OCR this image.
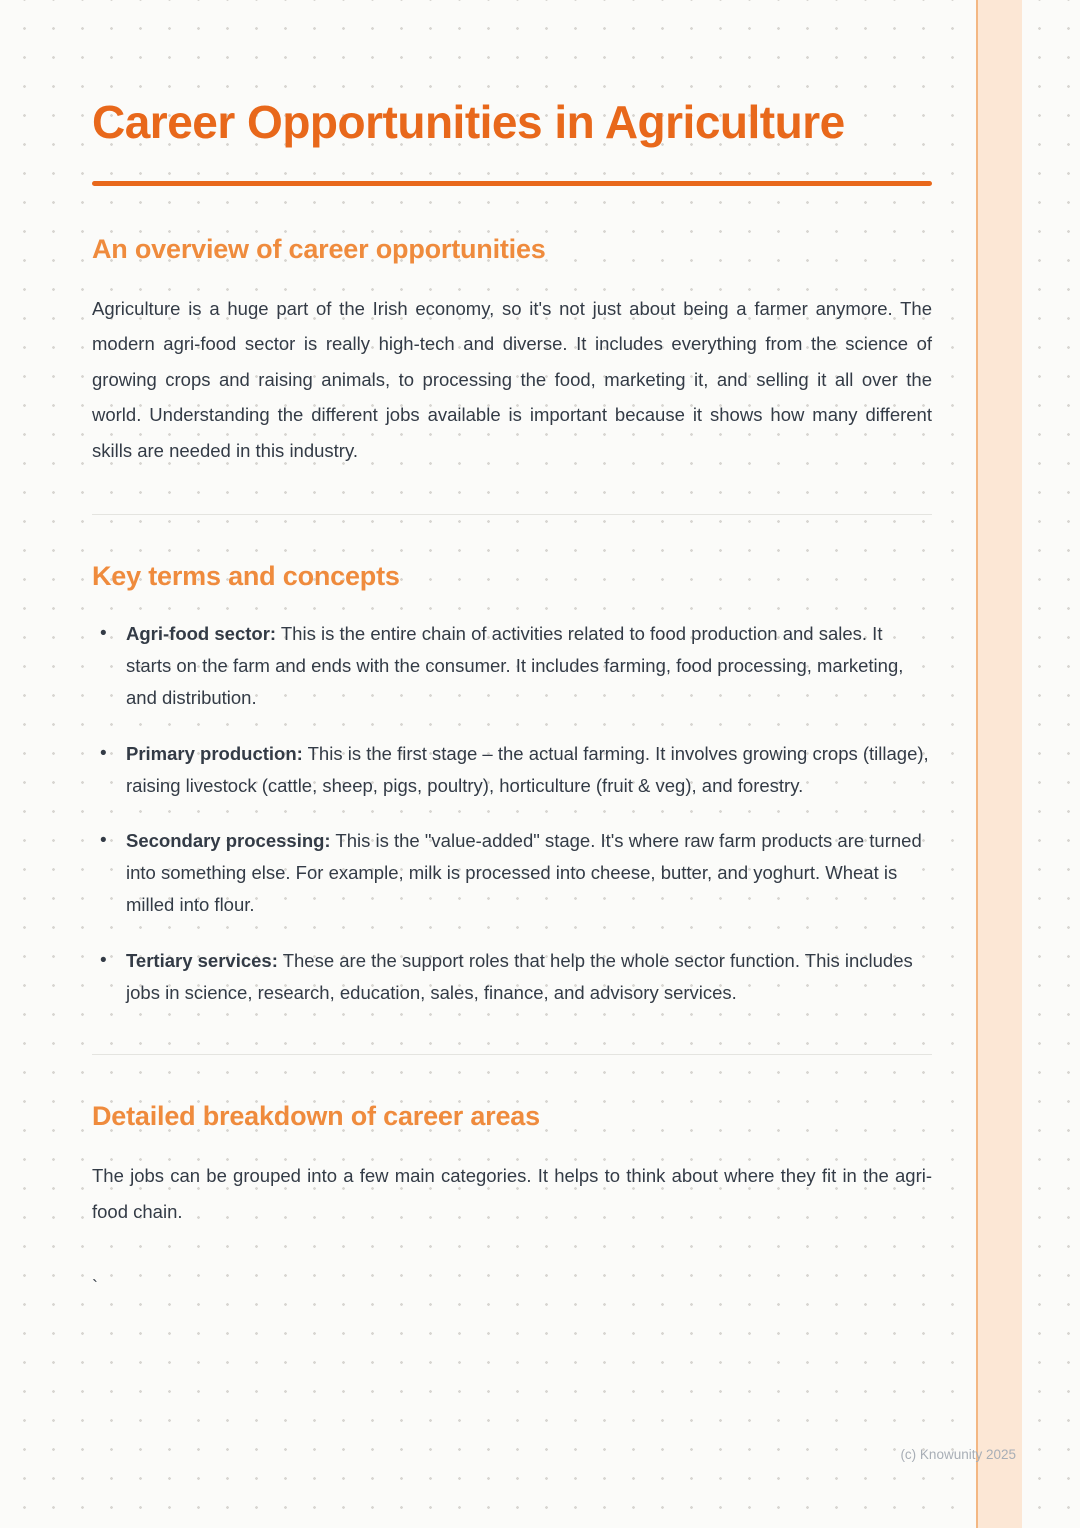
Career Opportunities in Agriculture
An overview of career opportunities

Agriculture is a huge part of the Irish economy, so it's not just about being a farmer anymore. The modern agri-food sector is really high-tech and diverse. It includes everything from the science of growing crops and raising animals, to processing the food, marketing it, and selling it all over the world. Understanding the different jobs available is important because it shows how many different skills are needed in this industry.

Key terms and concepts
• Agri-food sector: This is the entire chain of activities related to food production and sales. It starts on the farm and ends with the consumer. It includes farming, food processing, marketing, and distribution.
• Primary production: This is the first stage – the actual farming. It involves growing crops (tillage), raising livestock (cattle, sheep, pigs, poultry), horticulture (fruit & veg), and forestry.
• Secondary processing: This is the "value-added" stage. It's where raw farm products are turned into something else. For example, milk is processed into cheese, butter, and yoghurt. Wheat is milled into flour.
• Tertiary services: These are the support roles that help the whole sector function. This includes jobs in science, research, education, sales, finance, and advisory services.
Detailed breakdown of career areas

The jobs can be grouped into a few main categories. It helps to think about where they fit in the agri-food chain.

`

(c) Knowunity 2025
